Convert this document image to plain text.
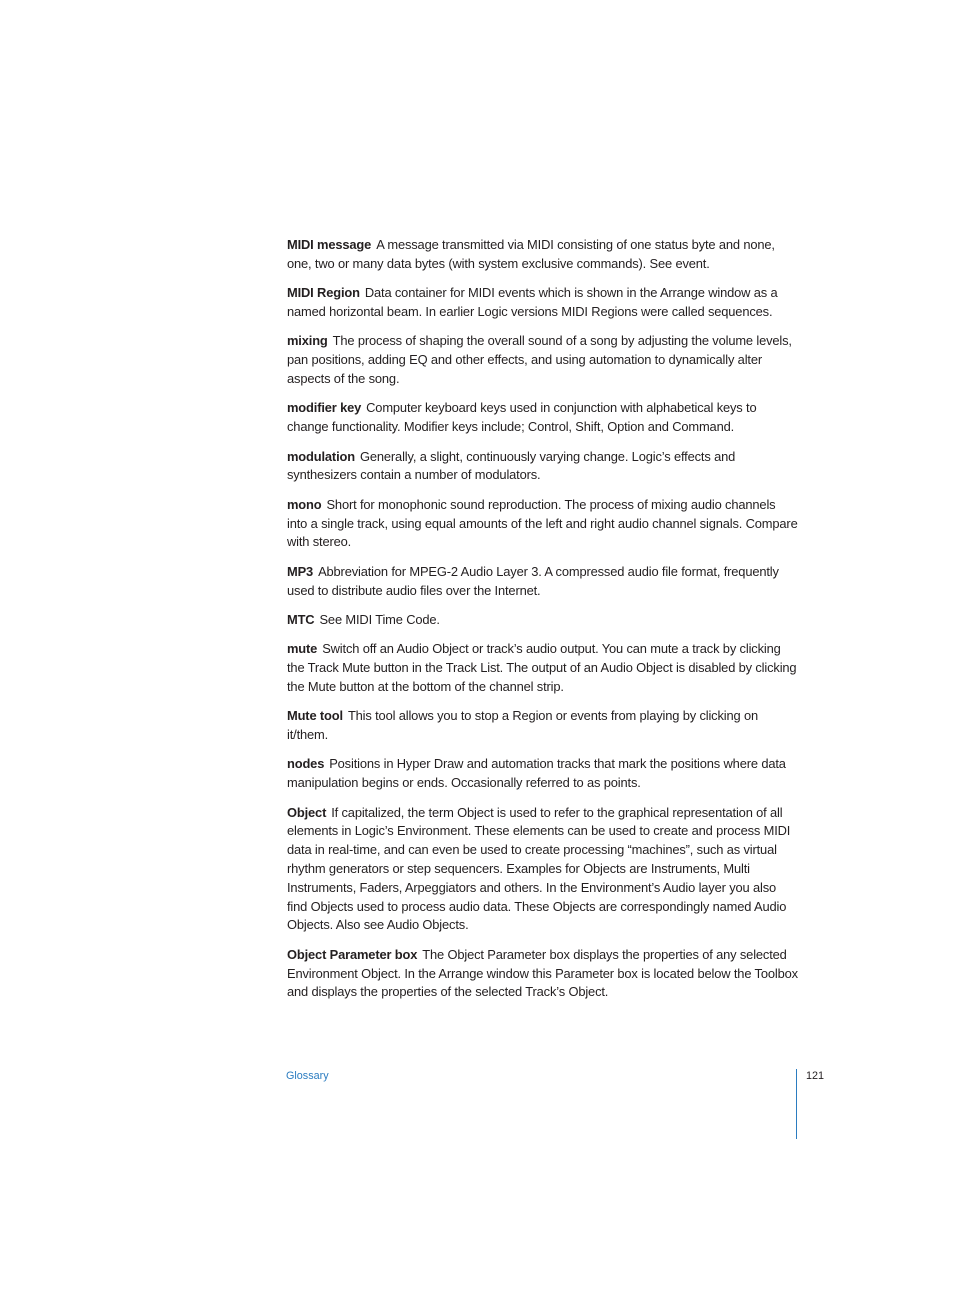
MIDI message A message transmitted via MIDI consisting of one status byte and none, one, two or many data bytes (with system exclusive commands). See event.

MIDI Region Data container for MIDI events which is shown in the Arrange window as a named horizontal beam. In earlier Logic versions MIDI Regions were called sequences.

mixing The process of shaping the overall sound of a song by adjusting the volume levels, pan positions, adding EQ and other effects, and using automation to dynamically alter aspects of the song.

modifier key Computer keyboard keys used in conjunction with alphabetical keys to change functionality. Modifier keys include; Control, Shift, Option and Command.

modulation Generally, a slight, continuously varying change. Logic’s effects and synthesizers contain a number of modulators.

mono Short for monophonic sound reproduction. The process of mixing audio channels into a single track, using equal amounts of the left and right audio channel signals. Compare with stereo.

MP3 Abbreviation for MPEG-2 Audio Layer 3. A compressed audio file format, frequently used to distribute audio files over the Internet.

MTC See MIDI Time Code.

mute Switch off an Audio Object or track’s audio output. You can mute a track by clicking the Track Mute button in the Track List. The output of an Audio Object is disabled by clicking the Mute button at the bottom of the channel strip.

Mute tool This tool allows you to stop a Region or events from playing by clicking on it/them.

nodes Positions in Hyper Draw and automation tracks that mark the positions where data manipulation begins or ends. Occasionally referred to as points.

Object If capitalized, the term Object is used to refer to the graphical representation of all elements in Logic’s Environment. These elements can be used to create and process MIDI data in real-time, and can even be used to create processing “machines”, such as virtual rhythm generators or step sequencers. Examples for Objects are Instruments, Multi Instruments, Faders, Arpeggiators and others. In the Environment’s Audio layer you also find Objects used to process audio data. These Objects are correspondingly named Audio Objects. Also see Audio Objects.

Object Parameter box The Object Parameter box displays the properties of any selected Environment Object. In the Arrange window this Parameter box is located below the Toolbox and displays the properties of the selected Track’s Object.

Glossary	121
